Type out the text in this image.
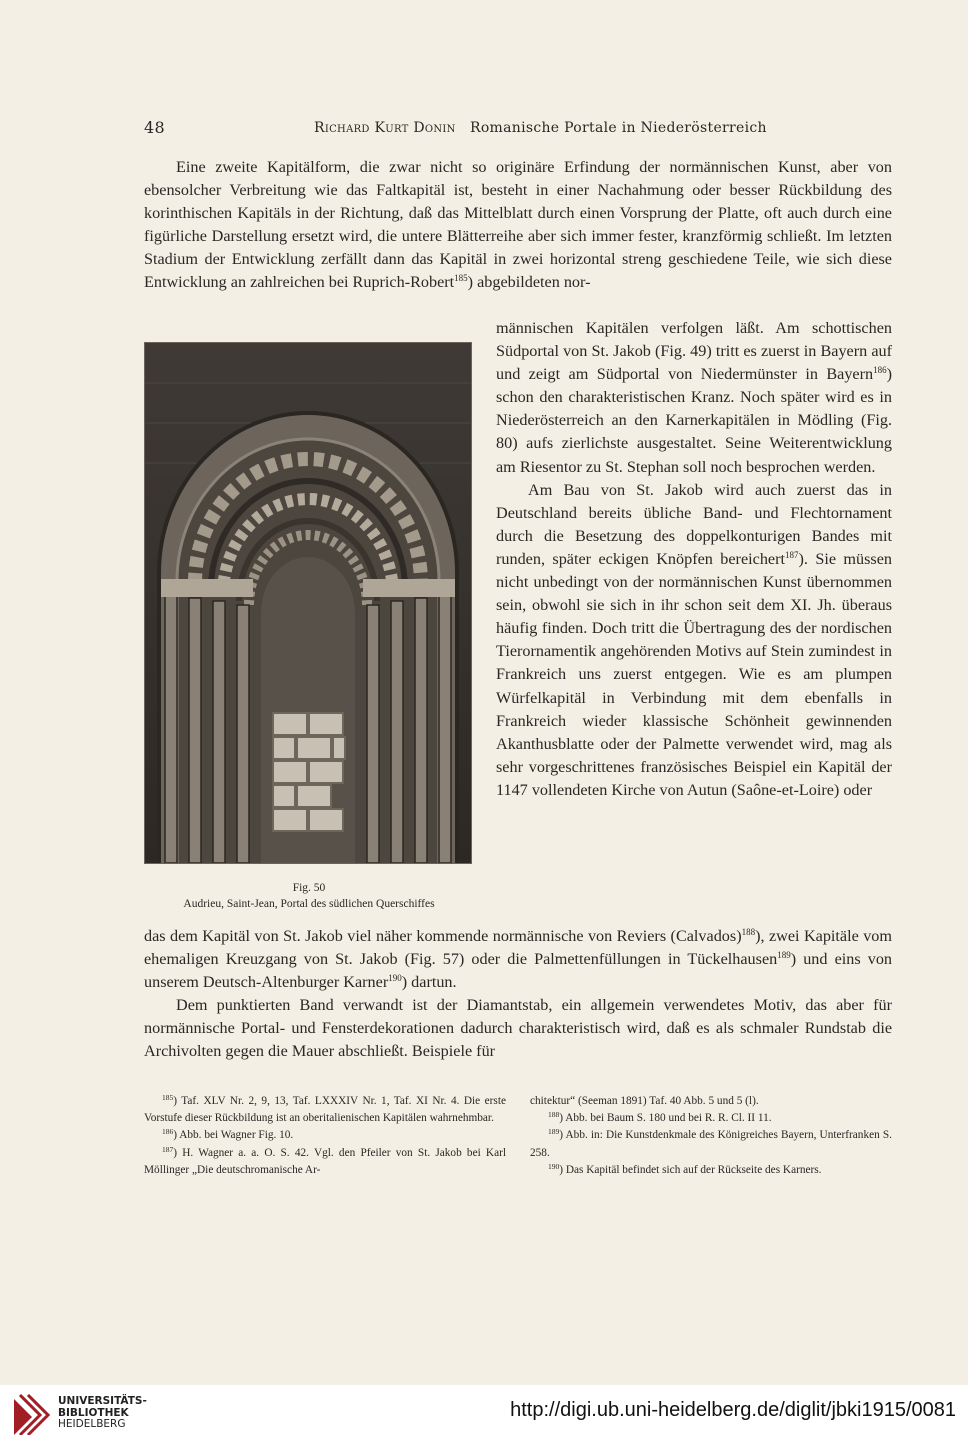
48	Richard Kurt Donin Romanische Portale in Niederösterreich
Eine zweite Kapitälform, die zwar nicht so originäre Erfindung der normännischen Kunst, aber von ebensolcher Verbreitung wie das Faltkapitäl ist, besteht in einer Nachahmung oder besser Rückbildung des korinthischen Kapitäls in der Richtung, daß das Mittelblatt durch einen Vorsprung der Platte, oft auch durch eine figürliche Darstellung ersetzt wird, die untere Blätterreihe aber sich immer fester, kranzförmig schließt. Im letzten Stadium der Entwicklung zerfällt dann das Kapitäl in zwei horizontal streng geschiedene Teile, wie sich diese Entwicklung an zahlreichen bei Ruprich-Robert$^{185}$) abgebildeten nor-
Fig. 50
Audrieu, Saint-Jean, Portal des südlichen Querschiffes

männischen Kapitälen verfolgen läßt. Am schottischen Südportal von St. Jakob (Fig. 49) tritt es zuerst in Bayern auf und zeigt am Südportal von Niedermünster in Bayern$^{186}$) schon den charakteristischen Kranz. Noch später wird es in Niederösterreich an den Karnerkapitälen in Mödling (Fig. 80) aufs zierlichste ausgestaltet. Seine Weiterentwicklung am Riesentor zu St. Stephan soll noch besprochen werden.

Am Bau von St. Jakob wird auch zuerst das in Deutschland bereits übliche Band- und Flechtornament durch die Besetzung des doppelkonturigen Bandes mit runden, später eckigen Knöpfen bereichert$^{187}$). Sie müssen nicht unbedingt von der normännischen Kunst übernommen sein, obwohl sie sich in ihr schon seit dem XI. Jh. überaus häufig finden. Doch tritt die Übertragung des der nordischen Tierornamentik angehörenden Motivs auf Stein zumindest in Frankreich uns zuerst entgegen. Wie es am plumpen Würfelkapitäl in Verbindung mit dem ebenfalls in Frankreich wieder klassische Schönheit gewinnenden Akanthusblatte oder der Palmette verwendet wird, mag als sehr vorgeschrittenes französisches Beispiel ein Kapitäl der 1147 vollendeten Kirche von Autun (Saône-et-Loire) oder

das dem Kapitäl von St. Jakob viel näher kommende normännische von Reviers (Calvados)$^{188}$), zwei Kapitäle vom ehemaligen Kreuzgang von St. Jakob (Fig. 57) oder die Palmettenfüllungen in Tückelhausen$^{189}$) und eins von unserem Deutsch-Altenburger Karner$^{190}$) dartun.

Dem punktierten Band verwandt ist der Diamantstab, ein allgemein verwendetes Motiv, das aber für normännische Portal- und Fensterdekorationen dadurch charakteristisch wird, daß es als schmaler Rundstab die Archivolten gegen die Mauer abschließt. Beispiele für

$^{185}$) Taf. XLV Nr. 2, 9, 13, Taf. LXXXIV Nr. 1, Taf. XI Nr. 4. Die erste Vorstufe dieser Rückbildung ist an oberitalienischen Kapitälen wahrnehmbar.

$^{186}$) Abb. bei Wagner Fig. 10.

$^{187}$) H. Wagner a. a. O. S. 42. Vgl. den Pfeiler von St. Jakob bei Karl Möllinger „Die deutschromanische Ar-

chitektur“ (Seeman 1891) Taf. 40 Abb. 5 und 5 (l).

$^{188}$) Abb. bei Baum S. 180 und bei R. R. Cl. II 11.

$^{189}$) Abb. in: Die Kunstdenkmale des Königreiches Bayern, Unterfranken S. 258.

$^{190}$) Das Kapitäl befindet sich auf der Rückseite des Karners.

UNIVERSITÄTS-
BIBLIOTHEK
HEIDELBERG
http://digi.ub.uni-heidelberg.de/diglit/jbki1915/0081
